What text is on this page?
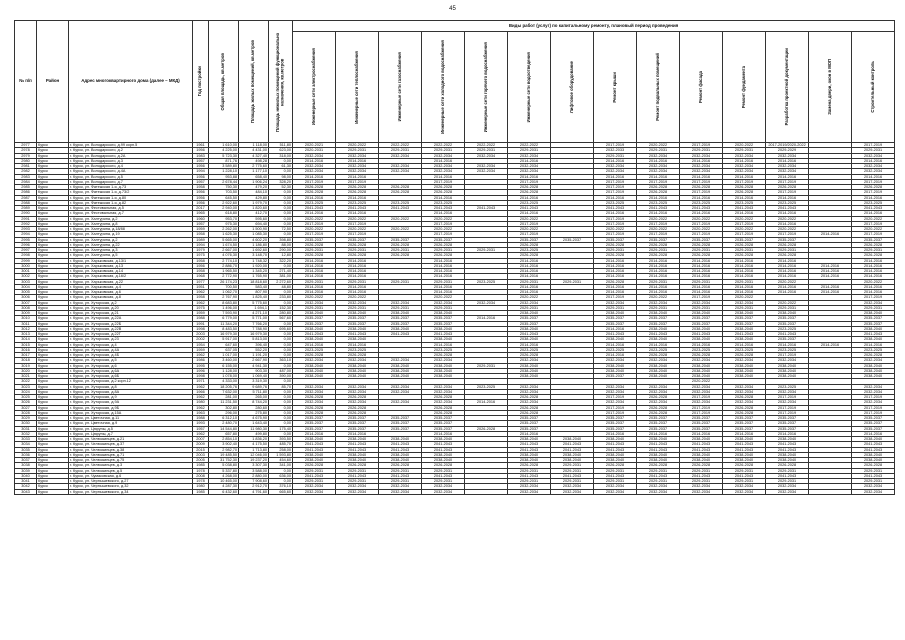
45
№ п/п	Район	Адрес многоквартирного дома (далее – МКД)	Год постройки	Общая площадь, кв.метров	Площадь жилых помещений, кв.метров	Площадь нежилых помещений функционально назначения, кв.метров	Виды работ (услуг) по капитальному ремонту, плановый период проведения													

							Инженерные сети электроснабжения	Инженерные сети теплоснабжения	Инженерные сети газоснабжения	Инженерные сети холодного водоснабжения	Инженерные сети горячего водоснабжения	Инженерные сети водоотведения	Лифтовое оборудование	Ремонт крыши	Ремонт подвальных помещений	Ремонт фасада	Ремонт фундамента	Разработка проектной документации	Замена двери, окон в МОП	Строительный контроль

2977	Курск	г. Курск, ул. Володарского, д.99 корп.5	1961	1 610,00	1 118,00	511,80	2020-2021	2020-2022	2022-2022	2022-2022	2022-2022	2022-2022		2017-2019	2020-2022	2017-2019	2020-2022	2017-2019/2020-2022		2017-2019
2978	Курск	г. Курск, ул. Володарского, д.2	1956	4 225,00	4 431,00	623,00	2020-2031	2029-2031	2029-2031	2029-2031	2029-2031	2029-2031		2032-2033	2029-2031	2029-2031	2029-2031	2029-2029		2029-2031
2979	Курск	г. Курск, ул. Володарского, д.2А	1983	5 723,30	4 327,40	318,00	2032-2034	2032-2034	2032-2034	2032-2034	2032-2034	2032-2034		2029-2031	2032-2034	2032-2034	2032-2034	2032-2034		2032-2034
2980	Курск	г. Курск, ул. Володарского, д.3	1957	871,76	498,28	0,00	2014-2016	2014-2016		2014-2016		2014-2016		2014-2016	2014-2016	2014-2016	2014-2016	2014-2016		2014-2016
2981	Курск	г. Курск, ул. Володарского, д.4	1956	3 589,80	2 775,60	61,30	2032-2034	2032-2034	2032-2034	2032-2034	2032-2034	2032-2034		2032-2034	2032-2034	2032-2034	2032-2034	2032-2034		2032-2034
2982	Курск	г. Курск, ул. Володарского, д.4А	1994	1 228,10	1 177,10	0,00	2032-2034	2032-2034	2032-2034	2032-2034	2032-2034	2032-2034		2032-2034	2032-2034	2032-2034	2032-2034	2032-2034		2032-2034
2983	Курск	г. Курск, ул. Володарского, д.5	1956	953,88	658,40	98,00	2014-2016	2014-2016		2014-2016		2014-2016		2014-2016	2014-2016	2014-2016	2014-2016	2014-2016		2014-2016
2984	Курск	г. Курск, ул. Володарского, д.7	1957	2 678,44	1 906,24	328,20	2017-2019	2017-2019		2017-2019		2017-2019		2017-2019	2017-2019	2017-2019	2017-2019	2017-2019		2017-2019
2985	Курск	г. Курск, ул. Фатежская 1-я, д.73	1958	750,30	479,20	52,30	2026-2028	2026-2028	2026-2028	2026-2028		2026-2028		2017-2019	2026-2028	2026-2028	2026-2028	2026-2028		2026-2028
2986	Курск	г. Курск, ул. Фатежская 1-я, д.73/2	1956	703,50	484,10	0,00	2026-2028	2026-2028	2026-2028	2026-2028		2026-2028		2017-2019	2026-2028	2017-2019	2026-2028	2017-2019		2017-2019
2987	Курск	г. Курск, ул. Фатежская 1-я, д.80	1956	645,50	429,80	0,00	2014-2016	2014-2016		2014-2016		2014-2016		2014-2016	2014-2016	2014-2016	2014-2016	2014-2016		2014-2016
2988	Курск	г. Курск, ул. Фатежская 1-я, д.82	1956	2 922,60	1 979,70	0,00	2023-2025	2023-2025	2023-2025	2023-2025		2023-2025		2023-2025	2023-2025	2023-2025	2023-2025	2023-2025		2023-2025
2989	Курск	г. Курск, ул. Фестивальная, д.5	2017	2 940,00	1 820,60	0,00	2041-2043	2041-2043	2041-2043	2041-2043	2041-2043	2041-2043		2041-2043	2041-2043	2041-2043	2041-2043	2041-2043		2041-2043
2990	Курск	г. Курск, ул. Фестивальная, д.7	1965	618,80	412,70	0,00	2014-2016	2014-2016		2014-2016		2014-2016		2014-2016	2014-2016	2014-2016	2014-2016	2014-2016		2014-2016
2991	Курск	г. Курск, ул. Халтурина, д.2	1960	953,70	595,60	0,00	2020-2022	2020-2022	2020-2022	2020-2022		2020-2022		2017-2019	2020-2022	2020-2022	2020-2022	2020-2022		2020-2022
2992	Курск	г. Курск, ул. Халтурина, д.8	1957	975,30	694,40	0,00	2017-2019	2017-2019		2017-2019		2017-2019		2017-2019	2017-2019	2017-2019	2017-2019	2014-2016		2017-2019
2993	Курск	г. Курск, ул. Халтурина, д.18/88	1959	2 262,00	1 500,90	72,50	2020-2022	2020-2022	2020-2022	2020-2022		2020-2022		2020-2022	2020-2022	2020-2022	2020-2022	2020-2022		2020-2022
2994	Курск	г. Курск, ул. Халтурина, д.19	1958	1 625,30	1 085,30	0,00	2017-2019	2017-2019		2017-2019		2017-2019		2017-2019	2017-2019	2017-2019	2017-2019	2017-2019	2014-2016	2017-2019
2995	Курск	г. Курск, ул. Халтурина, д.2	1989	5 665,00	4 602,20	398,80	2035-2037	2035-2037	2035-2037	2035-2037		2035-2037	2035-2037	2035-2037	2035-2037	2035-2037	2035-2037	2035-2037		2035-2037
2996	Курск	г. Курск, ул. Халтурина, д.22	1994	1 674,50	1 186,80	88,00	2026-2028	2026-2028	2026-2028	2026-2028		2026-2028		2026-2028	2026-2028	2026-2028	2026-2028	2026-2028		2026-2028
2997	Курск	г. Курск, ул. Халтурина, д.3	1979	2 667,00	1 692,60	290,00	2029-2031	2029-2031	2029-2031	2029-2031	2029-2031	2023-2025		2029-2031	2029-2031	2029-2031	2029-2031	2029-2031		2029-2031
2998	Курск	г. Курск, ул. Халтурина, д.5	1975	4 076,30	3 148,70	12,80	2026-2028	2026-2028	2026-2028	2026-2028		2026-2028		2026-2028	2026-2028	2026-2028	2026-2028	2026-2028		2026-2028
2999	Курск	г. Курск, ул. Харьковская, д.13/1	1958	2 774,10	1 748,32	322,20	2014-2016	2014-2016		2014-2016		2014-2016		2014-2016	2014-2016	2014-2016	2014-2016	2014-2016		2014-2016
3000	Курск	г. Курск, ул. Харьковская, д.13	1956	2 886,70	1 920,00	0,00	2014-2016	2014-2016		2014-2016		2014-2016		2014-2016	2014-2016	2014-2016	2014-2016	2014-2016	2014-2016	2014-2016
3001	Курск	г. Курск, ул. Харьковская, д.14	1958	1 965,50	1 345,20	271,40	2014-2016	2014-2016		2014-2016		2014-2016		2014-2016	2014-2016	2014-2016	2014-2016	2014-2016	2014-2016	2014-2016
3002	Курск	г. Курск, ул. Харьковская, д.16/2	1968	2 772,90	1 765,90	381,00	2014-2016	2014-2016		2014-2016		2014-2016		2014-2016	2014-2016	2014-2016	2014-2016	2014-2016	2014-2016	2014-2016
3003	Курск	г. Курск, ул. Харьковская, д.22	1977	26 174,23	18 818,60	2 272,60	2029-2031	2029-2031	2029-2031	2029-2031	2023-2025	2029-2031	2029-2031	2026-2028	2029-2031	2029-2031	2029-2031	2020-2022		2020-2022
3004	Курск	г. Курск, ул. Харьковская, д.4	1951	700,50	583,40	48,80	2014-2016	2014-2016		2014-2016		2014-2016		2014-2016	2014-2016	2014-2016	2014-2016	2014-2016	2014-2016	2014-2016
3005	Курск	г. Курск, ул. Харьковская, д.6	1962	1 062,70	807,90	0,00	2014-2016	2014-2016		2014-2016		2014-2016		2014-2016	2014-2016	2014-2016	2014-2016	2014-2016	2014-2016	2014-2016
3006	Курск	г. Курск, ул. Харьковская, д.8	1958	2 767,90	1 825,40	233,80	2020-2022	2020-2022		2020-2022		2020-2022		2017-2019	2020-2022	2017-2019	2020-2022			2017-2019
3007	Курск	г. Курск, ул. Хуторская, д.2	1962	8 683,80	5 775,60	0,00	2032-2034	2032-2034	2032-2034	2032-2034	2032-2034	2032-2034		2032-2034	2032-2034	2032-2034	2032-2034	2020-2022		2032-2034
3008	Курск	г. Курск, ул. Хуторская, д.20	1975	1 496,00	1 694,1	152,30	2029-2031	2029-2031	2029-2031	2029-2031		2029-2031		2029-2031	2029-2031	2029-2031	2029-2031	2029-2031		2029-2031
3009	Курск	г. Курск, ул. Хуторская, д.21	1959	7 593,90	4 271,10	280,80	2038-2040	2038-2040	2038-2040	2038-2040		2038-2040		2038-2040	2038-2040	2038-2040	2038-2040	2038-2040		2038-2040
3010	Курск	г. Курск, ул. Хуторская, д.22А	1988	6 779,00	5 771,00	567,60	2035-2037	2035-2037	2035-2037	2035-2037	2014-2016	2035-2037		2035-2037	2035-2037	2035-2037	2035-2037	2035-2037		2035-2037
3011	Курск	г. Курск, ул. Хуторская, д.22Б	1991	11 344,20	7 766,20	0,00	2035-2037	2035-2037	2035-2037	2035-2037		2035-2037		2035-2037	2035-2037	2035-2037	2035-2037	2035-2037		2035-2037
3012	Курск	г. Курск, ул. Хуторская, д.22В	1998	8 483,50	7 788,90	695,60	2038-2040	2038-2040	2038-2040	2038-2040		2038-2040		2014-2016	2038-2040	2038-2040	2038-2040	2023-2025		2038-2040
3013	Курск	г. Курск, ул. Хуторская, д.22Г	2003	16 979,30	16 979,30	0,00	2041-2043	2041-2043	2041-2043	2041-2043		2041-2043		2041-2043	2041-2043	2041-2043	2041-2043	2041-2043		2041-2043
3014	Курск	г. Курск, ул. Хуторская, д.23	2002	5 917,00	5 813,00	0,00	2038-2040	2038-2040		2038-2040		2038-2040		2038-2040	2038-2040	2038-2040	2038-2040	2035-2037		2038-2040
3015	Курск	г. Курск, ул. Хуторская, д.4	1954	647,60	396,40	0,00	2014-2016	2014-2016		2014-2016		2014-2016		2014-2016	2014-2016	2014-2016	2014-2016	2014-2016	2014-2016	2014-2016
3016	Курск	г. Курск, ул. Хуторская, д.4А	1959	637,05	552,20	0,00	2023-2025	2023-2025		2023-2025		2023-2025		2023-2025	2023-2025	2023-2025	2023-2025	2023-2025		2023-2025
3017	Курск	г. Курск, ул. Хуторская, д.4Б	1962	1 017,00	1 191,20	0,00	2026-2028	2026-2028		2026-2028		2026-2028		2014-2016	2026-2028	2026-2028	2026-2028	2017-2019		2026-2028
3018	Курск	г. Курск, ул. Хуторская, д.5	1986	3 460,00	2 667,90	363,10	2032-2034	2032-2034	2032-2034	2032-2034		2032-2034		2032-2034	2032-2034	2032-2034	2032-2034	2032-2034		2032-2034
3019	Курск	г. Курск, ул. Хуторская, д.6	1995	6 155,00	4 941,30	0,00	2038-2040	2038-2040	2038-2040	2038-2040	2029-2031	2038-2040		2038-2040	2038-2040	2038-2040	2038-2040	2038-2040		2038-2040
3020	Курск	г. Курск, ул. Хуторская, д.6А	1996	1 128,00	903,30	487,00	2038-2040	2038-2040	2038-2040	2038-2040		2038-2040		2038-2040	2038-2040	2038-2040	2038-2040	2038-2040		2038-2040
3021	Курск	г. Курск, ул. Хуторская, д.6Б	1998	1 078,00	1 069,40	390,00	2038-2040	2038-2040	2038-2040	2038-2040		2038-2040		2035-2037	2038-2040	2038-2040	2038-2040	2038-2040		2038-2040
3022	Курск	г. Курск, ул. Хуторская, д.2 корп.12	1971	4 333,00	3 319,30	0,00										2020-2022				
3023	Курск	г. Курск, ул. Хуторская, д.8	1962	18 205,76	9 689,76	85,70	2032-2034	2032-2034	2032-2034	2032-2034	2023-2025	2032-2034		2032-2034	2032-2034	2032-2034	2032-2034	2023-2025		2032-2034
3024	Курск	г. Курск, ул. Хуторская, д.8А	1966	7 632,00	5 711,80	0,00	2032-2034	2032-2034	2032-2034	2032-2034		2032-2034		2032-2034	2032-2034	2032-2034	2032-2034	2032-2034		2032-2034
3025	Курск	г. Курск, ул. Хуторская, д.9	1962	281,00	265,00	0,00	2026-2028	2026-2028		2026-2028		2026-2028		2017-2019	2026-2028	2017-2019	2026-2028	2017-2019		2017-2019
3026	Курск	г. Курск, ул. Хуторская, д.9А	1980	11 231,50	8 744,20	0,00	2032-2034	2032-2034	2032-2034	2032-2034	2014-2016	2032-2034		2032-2034	2032-2034	2032-2034	2032-2034	2032-2034		2032-2034
3027	Курск	г. Курск, ул. Хуторская, д.9Б	1962	302,80	280,60	0,00	2026-2028	2026-2028		2026-2028		2026-2028		2017-2019	2026-2028	2017-2019	2026-2028	2017-2019		2017-2019
3028	Курск	г. Курск, ул. Хуторская, д.15А	1963	296,00	275,80	0,00	2026-2028	2026-2028		2026-2028		2026-2028		2017-2019	2026-2028	2017-2019	2026-2028	2017-2019		2017-2019
3029	Курск	г. Курск, ул. Цветочная, д.11	1988	6 312,10	4 675,90	0,00	2035-2037	2035-2037	2035-2037	2035-2037		2035-2037		2035-2037	2035-2037	2035-2037	2035-2037	2035-2037		2035-2037
3030	Курск	г. Курск, ул. Цветочная, д.9	1993	2 480,70	1 643,40	0,00	2035-2037	2035-2037	2035-2037	2035-2037		2035-2037		2035-2037	2035-2037	2035-2037	2035-2037	2035-2037		2035-2037
3031	Курск	г. Курск, ул. Цюрупы, д.5	1957	14 544,80	11 980,30	175,40	2035-2037	2035-2037	2035-2037	2035-2037	2026-2028	2035-2037		2035-2037	2035-2037	2035-2037	2035-2037	2035-2037		2035-2037
3032	Курск	г. Курск, ул. Цюрупы, д.7	1962	657,80	499,80	0,00	2014-2016	2014-2016		2014-2016		2014-2016		2014-2016	2014-2016	2014-2016	2014-2016	2014-2016		2014-2016
3033	Курск	г. Курск, ул. Челюскинцев, д.21	2007	2 854,10	1 836,20	393,50	2038-2040	2038-2040	2038-2040	2038-2040		2038-2040	2038-2040	2038-2040	2038-2040	2038-2040	2038-2040	2038-2040		2038-2040
3034	Курск	г. Курск, ул. Челюскинцев, д.37	2009	3 902,40	4 175,50	485,70	2041-2043	2041-2043	2041-2043	2041-2043		2041-2043	2041-2043	2041-2043	2041-2043	2041-2043	2041-2043	2041-2043		2041-2043
3035	Курск	г. Курск, ул. Челюскинцев, д.38	2015	2 982,70	1 713,80	258,00	2041-2043	2041-2043	2041-2043	2041-2043		2041-2043	2041-2043	2041-2043	2041-2043	2041-2043	2041-2043	2041-2043		2041-2043
3036	Курск	г. Курск, ул. Челюскинцев, д.71	2003	19 485,50	12 046,00	1 593,80	2038-2040	2038-2040	2038-2040	2038-2040		2038-2040	2038-2040	2038-2040	2038-2040	2038-2040	2038-2040	2038-2040		2038-2040
3037	Курск	г. Курск, ул. Челюскинцев, д.75	2005	31 752,30	19 237,20	454,60	2038-2040	2038-2040	2038-2040	2038-2040		2038-2040	2038-2040	2038-2040	2038-2040	2038-2040	2038-2040	2038-2040		2038-2040
3038	Курск	г. Курск, ул. Челюскинцев, д.3	1985	5 038,80	3 307,30	341,00	2026-2028	2026-2028	2026-2028	2026-2028		2026-2028	2029-2031	2026-2028	2026-2028	2026-2028	2026-2028	2026-2028		2026-2028
3039	Курск	г. Курск, ул. Челюскинцев, д.5	1978	5 337,80	3 588,00	0,00	2029-2031	2029-2031	2029-2031	2029-2031		2029-2031	2029-2031	2029-2031	2029-2031	2029-2031	2029-2031	2029-2031		2029-2031
3040	Курск	г. Курск, ул. Чумаковская, д.6	2008	4 268,00	2 880,00	636,00	2041-2043	2041-2043	2041-2043	2041-2043		2041-2043	2041-2043	2041-2043	2041-2043	2041-2043	2041-2043	2041-2043		2041-2043
3041	Курск	г. Курск, ул. Чернышевского, д.27	1978	10 465,00	7 908,60	0,00	2029-2031	2029-2031	2029-2031	2029-2031		2029-2031	2029-2031	2029-2031	2029-2031	2029-2031	2029-2031	2029-2031		2029-2031
3042	Курск	г. Курск, ул. Чернышевского, д.32	1980	4 287,30	2 912,70	376,10	2032-2034	2032-2034	2032-2034	2032-2034		2032-2034	2032-2034	2032-2034	2032-2034	2032-2034	2032-2034	2032-2034		2032-2034
3043	Курск	г. Курск, ул. Чернышевского, д.34	1985	6 432,60	4 791,60	665,60	2032-2034	2032-2034	2032-2034	2032-2034		2032-2034	2032-2034	2032-2034	2032-2034	2032-2034	2032-2034	2032-2034		2032-2034
